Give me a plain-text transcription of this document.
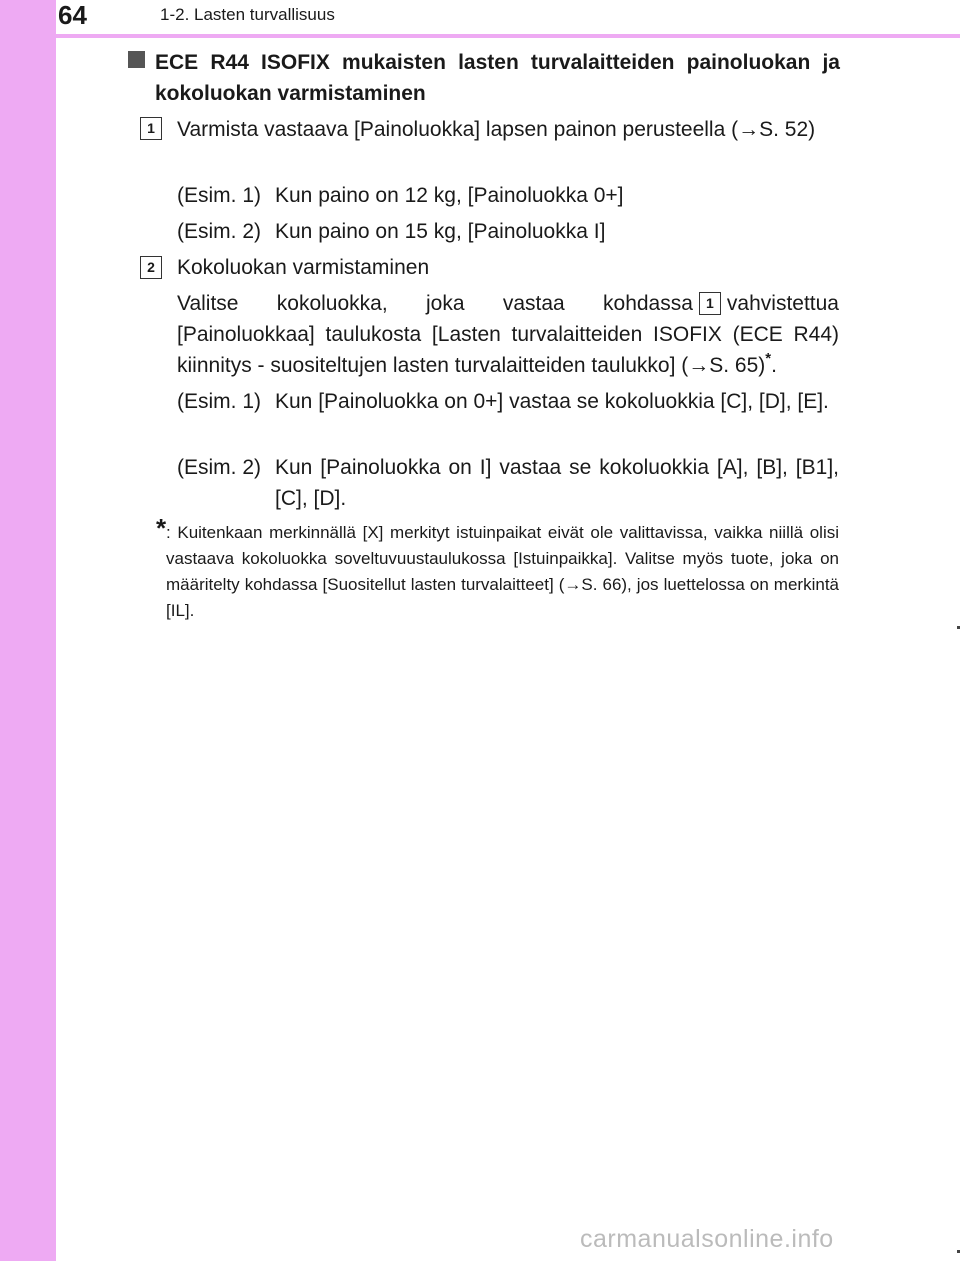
64	1-2. Lasten turvallisuus
ECE R44 ISOFIX mukaisten lasten turvalaitteiden painoluokan ja kokoluokan varmistaminen
1	Varmista vastaava [Painoluokka] lapsen painon perusteella (→S. 52)
(Esim. 1) Kun paino on 12 kg, [Painoluokka 0+]
(Esim. 2) Kun paino on 15 kg, [Painoluokka I]
2	Kokoluokan varmistaminen
Valitse kokoluokka, joka vastaa kohdassa 1 vahvistettua [Painoluokkaa] taulukosta [Lasten turvalaitteiden ISOFIX (ECE R44) kiinnitys - suositeltujen lasten turvalaitteiden taulukko] (→S. 65)*.
(Esim. 1) Kun [Painoluokka on 0+] vastaa se kokoluokkia [C], [D], [E].
(Esim. 2) Kun [Painoluokka on I] vastaa se kokoluokkia [A], [B], [B1], [C], [D].
* : Kuitenkaan merkinnällä [X] merkityt istuinpaikat eivät ole valittavissa, vaikka niillä olisi vastaava kokoluokka soveltuvuustaulukossa [Istuinpaikka]. Valitse myös tuote, joka on määritelty kohdassa [Suositellut lasten turvalaitteet] (→S. 66), jos luettelossa on merkintä [IL].
carmanualsonline.info
